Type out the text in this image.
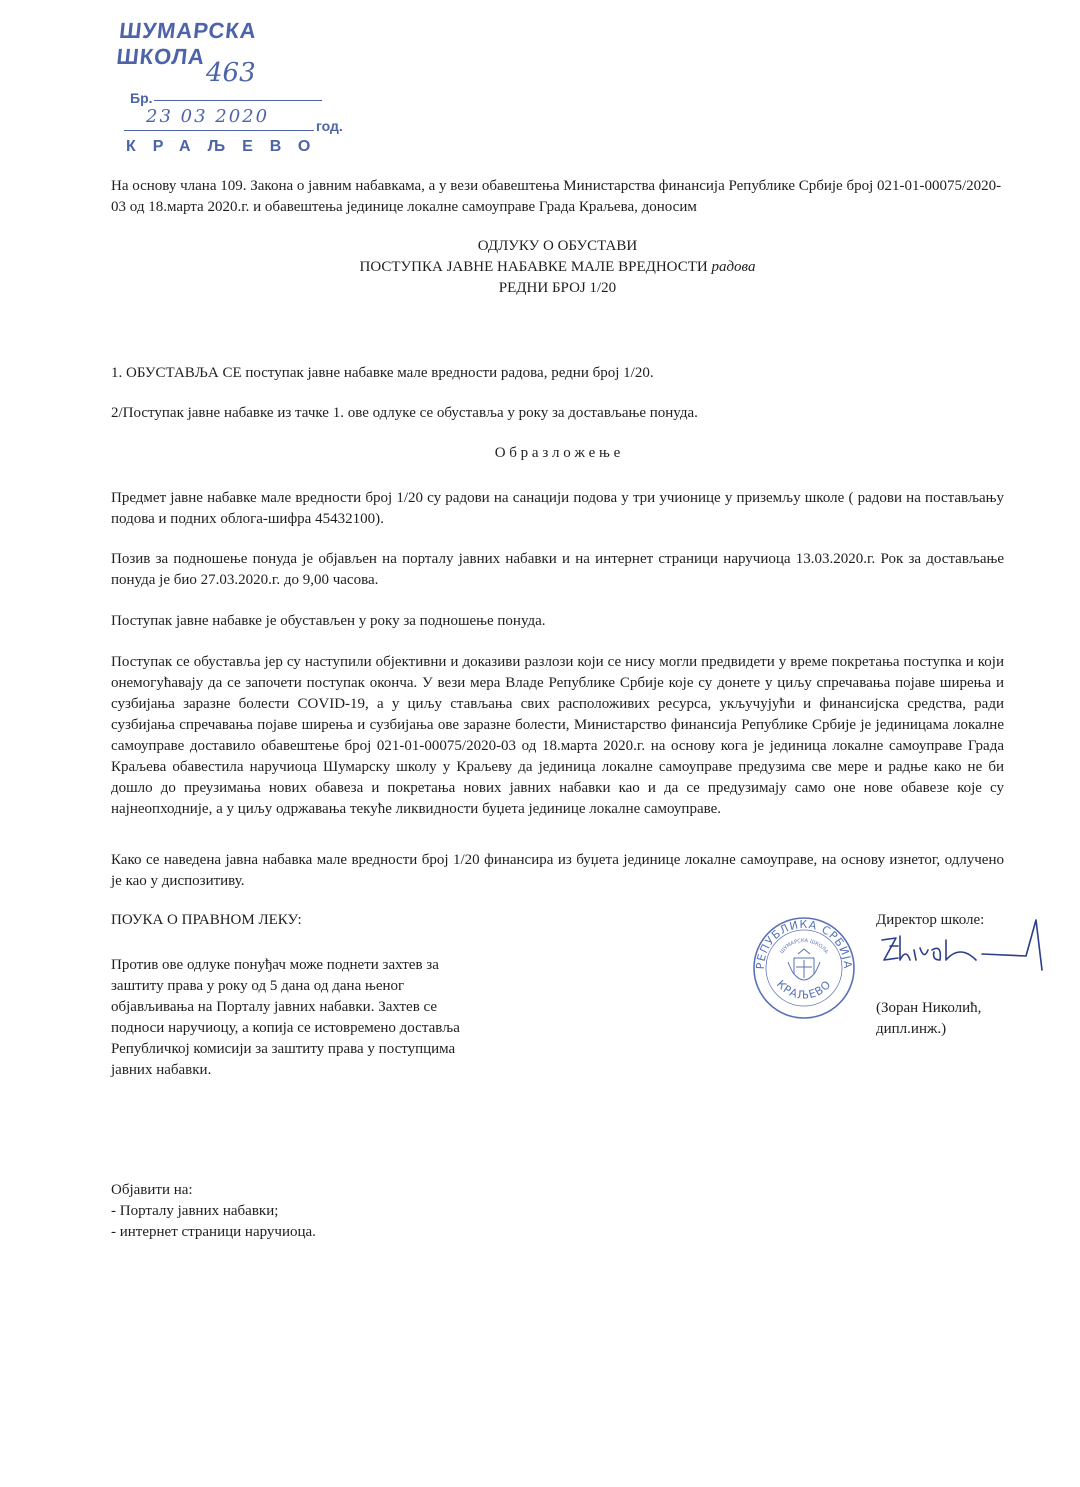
ШУМАРСКА ШКОЛА
463
Бр.
23 03 2020	год.
КРАЉЕВО
На основу члана 109. Закона о јавним набавкама, а у вези обавештења Министарства финансија Републике Србије број 021-01-00075/2020-03 од 18.марта 2020.г. и обавештења јединице локалне самоуправе Града Краљева, доносим
ОДЛУКУ О ОБУСТАВИ
ПОСТУПКА ЈАВНЕ НАБАВКЕ МАЛЕ ВРЕДНОСТИ радова
РЕДНИ БРОЈ 1/20
1. ОБУСТАВЉА СЕ поступак јавне набавке мале вредности радова, редни број 1/20.
2/Поступак јавне набавке из тачке 1. ове одлуке се обуставља у року за достављање понуда.
О б р а з л о ж е њ е
Предмет јавне набавке мале вредности број 1/20 су радови на санацији подова у три учионице у приземљу школе ( радови на постављању подова и подних облога-шифра 45432100).
Позив за подношење понуда је објављен на порталу јавних набавки и на интернет страници наручиоца 13.03.2020.г. Рок за достављање понуда је био 27.03.2020.г. до 9,00 часова.
Поступак јавне набавке је обустављен у року за подношење понуда.
Поступак се обуставља јер су наступили објективни и доказиви разлози који се нису могли предвидети у време покретања поступка и који онемогућавају да се започети поступак оконча. У вези мера Владе Републике Србије које су донете у циљу спречавања појаве ширења и сузбијања заразне болести COVID-19, а у циљу стављања свих расположивих ресурса, укључујући и финансијска средства, ради сузбијања спречавања појаве ширења и сузбијања ове заразне болести, Министарство финансија Републике Србије је јединицама локалне самоуправе доставило обавештење број 021-01-00075/2020-03 од 18.марта 2020.г. на основу кога је јединица локалне самоуправе Града Краљева обавестила наручиоца Шумарску школу у Краљеву да јединица локалне самоуправе предузима све мере и радње како не би дошло до преузимања нових обавеза и покретања нових јавних набавки као и да се предузимају само оне нове обавезе које су најнеопходније, а у циљу одржавања текуће ликвидности буџета јединице локалне самоуправе.
Како се наведена јавна набавка мале вредности број 1/20 финансира из буџета јединице локалне самоуправе, на основу изнетог, одлучено је као у диспозитиву.
ПОУКА О ПРАВНОМ ЛЕКУ:
Против ове одлуке понуђач може поднети захтев за заштиту права у року од 5 дана од дана њеног објављивања на Порталу јавних набавки. Захтев се подноси наручиоцу, а копија се истовремено доставља Републичкој комисији за заштиту права у поступцима јавних набавки.
РЕПУБЛИКА СРБИЈА
ШУМАРСКА ШКОЛА
КРАЉЕВО
Директор школе:
(Зоран Николић,
дипл.инж.)
Објавити на:
- Порталу јавних набавки;
- интернет страници наручиоца.
